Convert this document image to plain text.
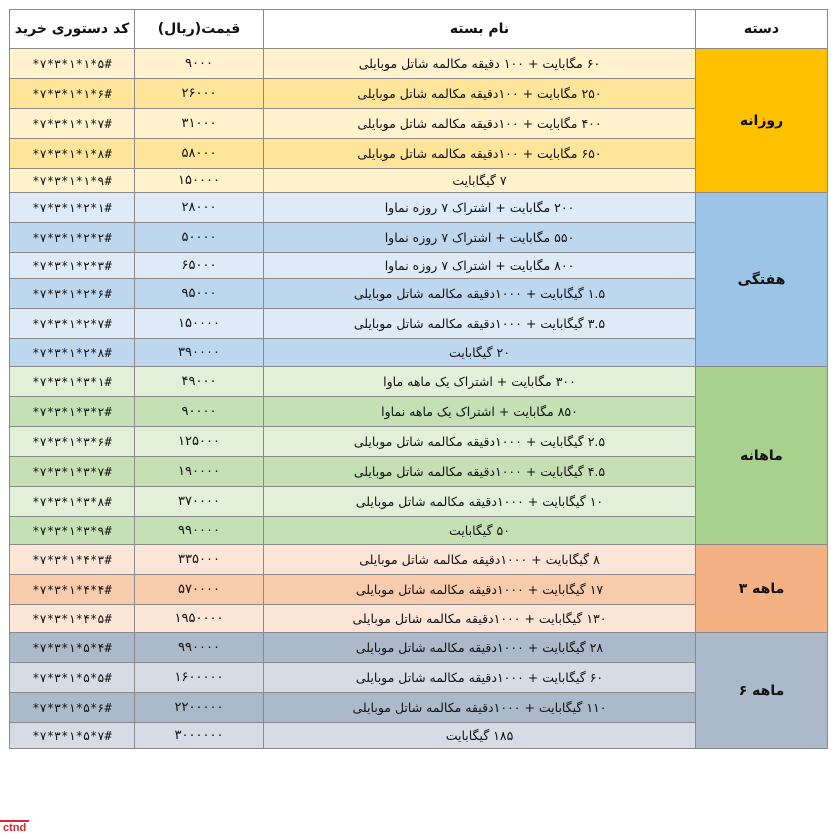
کد دستوری خرید	قیمت(ریال)	نام بسته	دسته
*۷*۳*۱*۱*۵#	۹۰۰۰	۶۰ مگابایت + ۱۰۰ دقیقه مکالمه شاتل موبایلی	روزانه
*۷*۳*۱*۱*۶#	۲۶۰۰۰	۲۵۰ مگابایت + ۱۰۰دقیقه مکالمه شاتل موبایلی	
*۷*۳*۱*۱*۷#	۳۱۰۰۰	۴۰۰ مگابایت + ۱۰۰دقیقه مکالمه شاتل موبایلی	
*۷*۳*۱*۱*۸#	۵۸۰۰۰	۶۵۰ مگابایت + ۱۰۰دقیقه مکالمه شاتل موبایلی	
*۷*۳*۱*۱*۹#	۱۵۰۰۰۰	۷ گیگابایت	
*۷*۳*۱*۲*۱#	۲۸۰۰۰	۲۰۰ مگابایت + اشتراک ۷ روزه نماوا	هفتگی
*۷*۳*۱*۲*۲#	۵۰۰۰۰	۵۵۰ مگابایت + اشتراک ۷ روزه نماوا	
*۷*۳*۱*۲*۳#	۶۵۰۰۰	۸۰۰ مگابایت + اشتراک ۷ روزه نماوا	
*۷*۳*۱*۲*۶#	۹۵۰۰۰	۱.۵ گیگابایت + ۱۰۰۰دقیقه مکالمه شاتل موبایلی	
*۷*۳*۱*۲*۷#	۱۵۰۰۰۰	۳.۵ گیگابایت + ۱۰۰۰دقیقه مکالمه شاتل موبایلی	
*۷*۳*۱*۲*۸#	۳۹۰۰۰۰	۲۰ گیگابایت	
*۷*۳*۱*۳*۱#	۴۹۰۰۰	۳۰۰ مگابایت + اشتراک یک ماهه ماوا	ماهانه
*۷*۳*۱*۳*۲#	۹۰۰۰۰	۸۵۰ مگابایت + اشتراک یک ماهه نماوا	
*۷*۳*۱*۳*۶#	۱۲۵۰۰۰	۲.۵ گیگابایت + ۱۰۰۰دقیقه مکالمه شاتل موبایلی	
*۷*۳*۱*۳*۷#	۱۹۰۰۰۰	۴.۵ گیگابایت + ۱۰۰۰دقیقه مکالمه شاتل موبایلی	
*۷*۳*۱*۳*۸#	۳۷۰۰۰۰	۱۰ گیگابایت + ۱۰۰۰دقیقه مکالمه شاتل موبایلی	
*۷*۳*۱*۳*۹#	۹۹۰۰۰۰	۵۰ گیگابایت	
*۷*۳*۱*۴*۳#	۳۳۵۰۰۰	۸ گیگابایت + ۱۰۰۰دقیقه مکالمه شاتل موبایلی	۳ ماهه
*۷*۳*۱*۴*۴#	۵۷۰۰۰۰	۱۷ گیگابایت + ۱۰۰۰دقیقه مکالمه شاتل موبایلی	
*۷*۳*۱*۴*۵#	۱۹۵۰۰۰۰	۱۳۰ گیگابایت + ۱۰۰۰دقیقه مکالمه شاتل موبایلی	
*۷*۳*۱*۵*۴#	۹۹۰۰۰۰	۲۸ گیگابایت + ۱۰۰۰دقیقه مکالمه شاتل موبایلی	۶ ماهه
*۷*۳*۱*۵*۵#	۱۶۰۰۰۰۰	۶۰ گیگابایت + ۱۰۰۰دقیقه مکالمه شاتل موبایلی	
*۷*۳*۱*۵*۶#	۲۲۰۰۰۰۰	۱۱۰ گیگابایت + ۱۰۰۰دقیقه مکالمه شاتل موبایلی	
*۷*۳*۱*۵*۷#	۳۰۰۰۰۰۰	۱۸۵ گیگابایت	
ctnd
